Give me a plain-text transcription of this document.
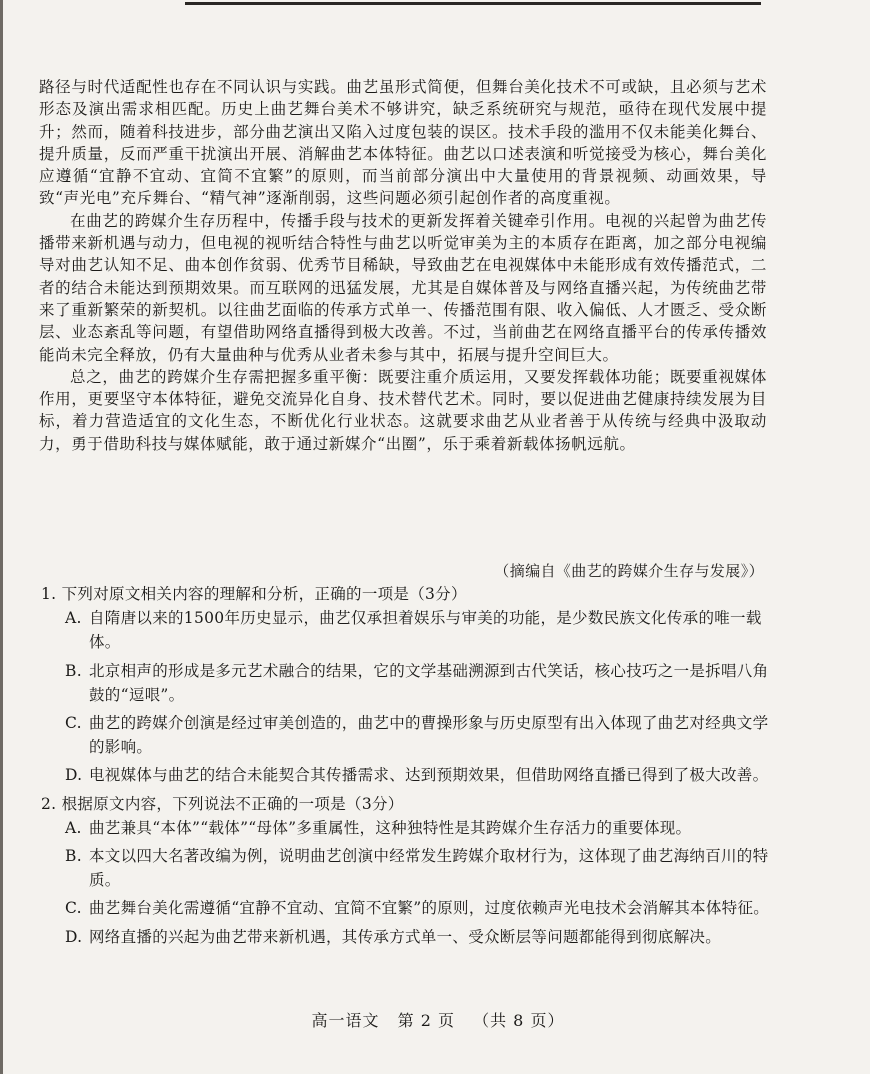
路径与时代适配性也存在不同认识与实践。曲艺虽形式简便，但舞台美化技术不可或缺，且必须与艺术形态及演出需求相匹配。历史上曲艺舞台美术不够讲究，缺乏系统研究与规范，亟待在现代发展中提升；然而，随着科技进步，部分曲艺演出又陷入过度包装的误区。技术手段的滥用不仅未能美化舞台、提升质量，反而严重干扰演出开展、消解曲艺本体特征。曲艺以口述表演和听觉接受为核心，舞台美化应遵循“宜静不宜动、宜简不宜繁”的原则，而当前部分演出中大量使用的背景视频、动画效果，导致“声光电”充斥舞台、“精气神”逐渐削弱，这些问题必须引起创作者的高度重视。

在曲艺的跨媒介生存历程中，传播手段与技术的更新发挥着关键牵引作用。电视的兴起曾为曲艺传播带来新机遇与动力，但电视的视听结合特性与曲艺以听觉审美为主的本质存在距离，加之部分电视编导对曲艺认知不足、曲本创作贫弱、优秀节目稀缺，导致曲艺在电视媒体中未能形成有效传播范式，二者的结合未能达到预期效果。而互联网的迅猛发展，尤其是自媒体普及与网络直播兴起，为传统曲艺带来了重新繁荣的新契机。以往曲艺面临的传承方式单一、传播范围有限、收入偏低、人才匮乏、受众断层、业态紊乱等问题，有望借助网络直播得到极大改善。不过，当前曲艺在网络直播平台的传承传播效能尚未完全释放，仍有大量曲种与优秀从业者未参与其中，拓展与提升空间巨大。

总之，曲艺的跨媒介生存需把握多重平衡：既要注重介质运用，又要发挥载体功能；既要重视媒体作用，更要坚守本体特征，避免交流异化自身、技术替代艺术。同时，要以促进曲艺健康持续发展为目标，着力营造适宜的文化生态，不断优化行业状态。这就要求曲艺从业者善于从传统与经典中汲取动力，勇于借助科技与媒体赋能，敢于通过新媒介“出圈”，乐于乘着新载体扬帆远航。

（摘编自《曲艺的跨媒介生存与发展》）

1. 下列对原文相关内容的理解和分析，正确的一项是（3分）

A. 自隋唐以来的1500年历史显示，曲艺仅承担着娱乐与审美的功能，是少数民族文化传承的唯一载体。
B. 北京相声的形成是多元艺术融合的结果，它的文学基础溯源到古代笑话，核心技巧之一是拆唱八角鼓的“逗哏”。
C. 曲艺的跨媒介创演是经过审美创造的，曲艺中的曹操形象与历史原型有出入体现了曲艺对经典文学的影响。
D. 电视媒体与曲艺的结合未能契合其传播需求、达到预期效果，但借助网络直播已得到了极大改善。

2. 根据原文内容，下列说法不正确的一项是（3分）

A. 曲艺兼具“本体”“载体”“母体”多重属性，这种独特性是其跨媒介生存活力的重要体现。
B. 本文以四大名著改编为例，说明曲艺创演中经常发生跨媒介取材行为，这体现了曲艺海纳百川的特质。
C. 曲艺舞台美化需遵循“宜静不宜动、宜简不宜繁”的原则，过度依赖声光电技术会消解其本体特征。
D. 网络直播的兴起为曲艺带来新机遇，其传承方式单一、受众断层等问题都能得到彻底解决。
高一语文 第 2 页 （共 8 页）
